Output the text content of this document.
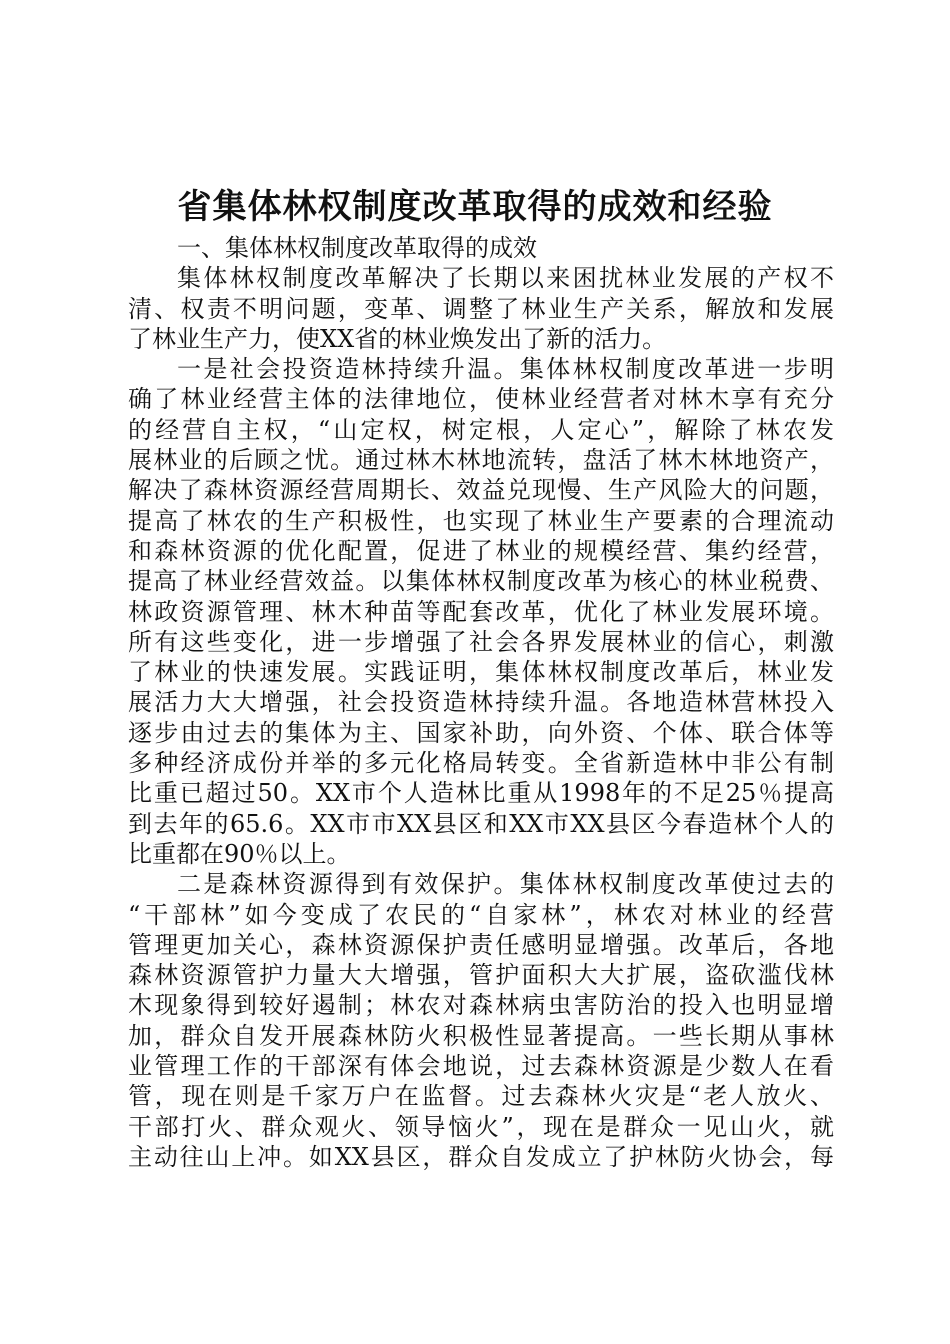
省集体林权制度改革取得的成效和经验
一、集体林权制度改革取得的成效
集体林权制度改革解决了长期以来困扰林业发展的产权不
清、权责不明问题，变革、调整了林业生产关系，解放和发展
了林业生产力，使XX省的林业焕发出了新的活力。
一是社会投资造林持续升温。集体林权制度改革进一步明
确了林业经营主体的法律地位，使林业经营者对林木享有充分
的经营自主权，“山定权，树定根，人定心”，解除了林农发
展林业的后顾之忧。通过林木林地流转，盘活了林木林地资产，
解决了森林资源经营周期长、效益兑现慢、生产风险大的问题，
提高了林农的生产积极性，也实现了林业生产要素的合理流动
和森林资源的优化配置，促进了林业的规模经营、集约经营，
提高了林业经营效益。以集体林权制度改革为核心的林业税费、
林政资源管理、林木种苗等配套改革，优化了林业发展环境。
所有这些变化，进一步增强了社会各界发展林业的信心，刺激
了林业的快速发展。实践证明，集体林权制度改革后，林业发
展活力大大增强，社会投资造林持续升温。各地造林营林投入
逐步由过去的集体为主、国家补助，向外资、个体、联合体等
多种经济成份并举的多元化格局转变。全省新造林中非公有制
比重已超过50。XX市个人造林比重从1998年的不足25％提高
到去年的65.6。XX市市XX县区和XX市XX县区今春造林个人的
比重都在90％以上。
二是森林资源得到有效保护。集体林权制度改革使过去的
“干部林”如今变成了农民的“自家林”，林农对林业的经营
管理更加关心，森林资源保护责任感明显增强。改革后，各地
森林资源管护力量大大增强，管护面积大大扩展，盗砍滥伐林
木现象得到较好遏制；林农对森林病虫害防治的投入也明显增
加，群众自发开展森林防火积极性显著提高。一些长期从事林
业管理工作的干部深有体会地说，过去森林资源是少数人在看
管，现在则是千家万户在监督。过去森林火灾是“老人放火、
干部打火、群众观火、领导恼火”，现在是群众一见山火，就
主动往山上冲。如XX县区，群众自发成立了护林防火协会，每
